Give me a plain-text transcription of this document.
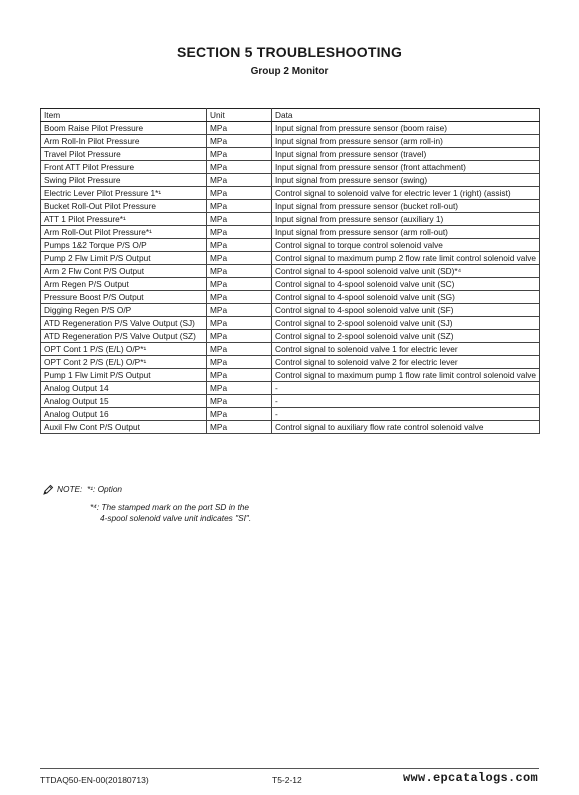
SECTION 5 TROUBLESHOOTING
Group 2 Monitor
Item	Unit	Data
Boom Raise Pilot Pressure	MPa	Input signal from pressure sensor (boom raise)
Arm Roll-In Pilot Pressure	MPa	Input signal from pressure sensor (arm roll-in)
Travel Pilot Pressure	MPa	Input signal from pressure sensor (travel)
Front ATT Pilot Pressure	MPa	Input signal from pressure sensor (front attachment)
Swing Pilot Pressure	MPa	Input signal from pressure sensor (swing)
Electric Lever Pilot Pressure 1*¹	MPa	Control signal to solenoid valve for electric lever 1 (right) (assist)
Bucket Roll-Out Pilot Pressure	MPa	Input signal from pressure sensor (bucket roll-out)
ATT 1 Pilot Pressure*¹	MPa	Input signal from pressure sensor (auxiliary 1)
Arm Roll-Out Pilot Pressure*¹	MPa	Input signal from pressure sensor (arm roll-out)
Pumps 1&2 Torque P/S O/P	MPa	Control signal to torque control solenoid valve
Pump 2 Flw Limit P/S Output	MPa	Control signal to maximum pump 2 flow rate limit control solenoid valve
Arm 2 Flw Cont P/S Output	MPa	Control signal to 4-spool solenoid valve unit (SD)*⁴
Arm Regen P/S Output	MPa	Control signal to 4-spool solenoid valve unit (SC)
Pressure Boost P/S Output	MPa	Control signal to 4-spool solenoid valve unit (SG)
Digging Regen P/S O/P	MPa	Control signal to 4-spool solenoid valve unit (SF)
ATD Regeneration P/S Valve Output (SJ)	MPa	Control signal to 2-spool solenoid valve unit (SJ)
ATD Regeneration P/S Valve Output (SZ)	MPa	Control signal to 2-spool solenoid valve unit (SZ)
OPT Cont 1 P/S (E/L) O/P*¹	MPa	Control signal to solenoid valve 1 for electric lever
OPT Cont 2 P/S (E/L) O/P*¹	MPa	Control signal to solenoid valve 2 for electric lever
Pump 1 Flw Limit P/S Output	MPa	Control signal to maximum pump 1 flow rate limit control solenoid valve
Analog Output 14	MPa	-
Analog Output 15	MPa	-
Analog Output 16	MPa	-
Auxil Flw Cont P/S Output	MPa	Control signal to auxiliary flow rate control solenoid valve
NOTE: *¹: Option
*⁴: The stamped mark on the port SD in the
4-spool solenoid valve unit indicates "SI".
TTDAQ50-EN-00(20180713)	T5-2-12	www.epcatalogs.com
